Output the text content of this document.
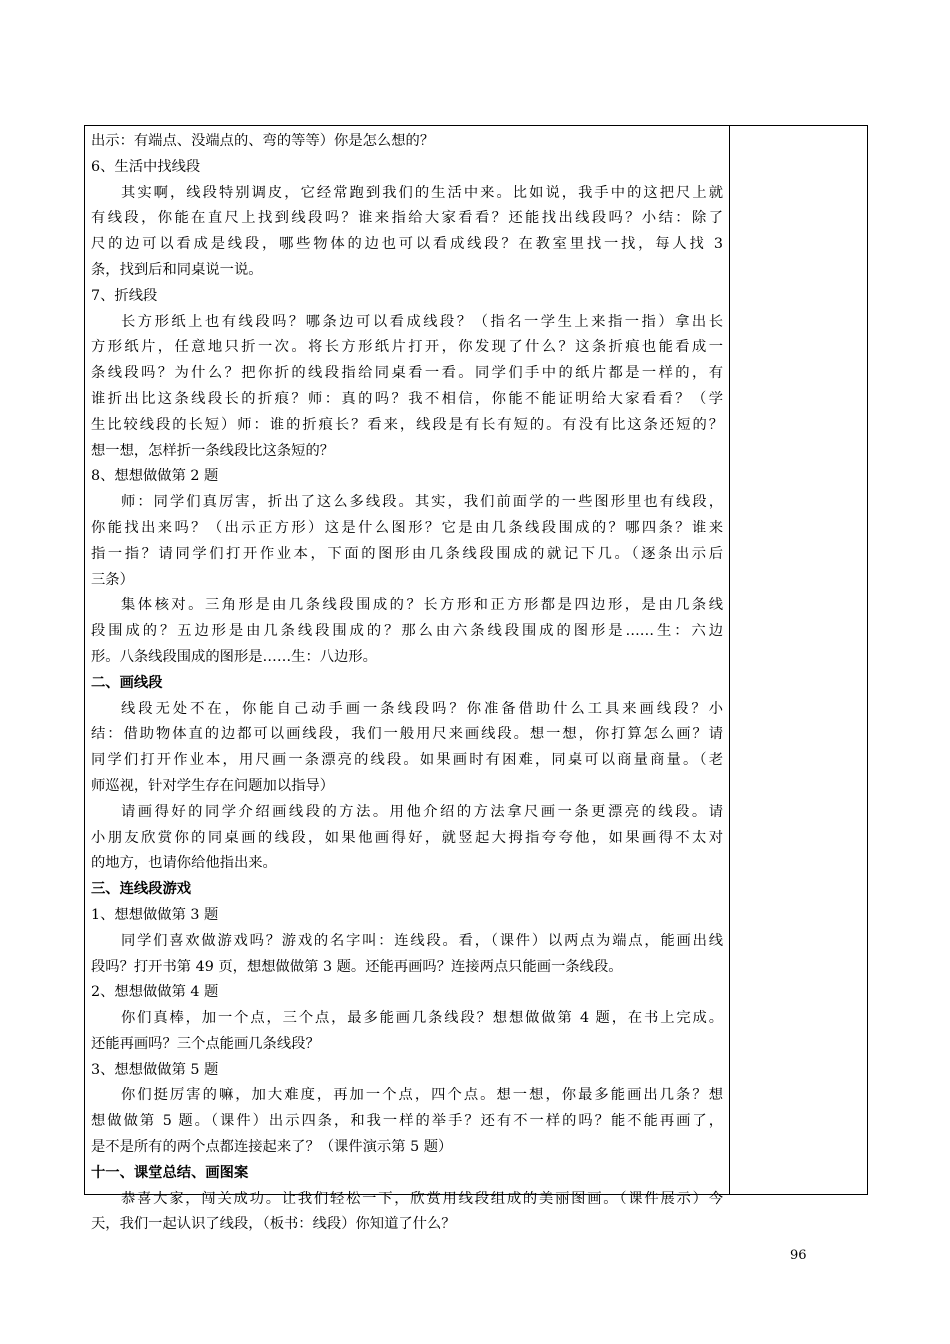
出示：有端点、没端点的、弯的等等）你是怎么想的？
6、生活中找线段
其实啊，线段特别调皮，它经常跑到我们的生活中来。比如说，我手中的这把尺上就
有线段，你能在直尺上找到线段吗？谁来指给大家看看？还能找出线段吗？小结：除了
尺的边可以看成是线段，哪些物体的边也可以看成线段？在教室里找一找，每人找 3
条，找到后和同桌说一说。
7、折线段
长方形纸上也有线段吗？哪条边可以看成线段？（指名一学生上来指一指）拿出长
方形纸片，任意地只折一次。将长方形纸片打开，你发现了什么？这条折痕也能看成一
条线段吗？为什么？把你折的线段指给同桌看一看。同学们手中的纸片都是一样的，有
谁折出比这条线段长的折痕？师：真的吗？我不相信，你能不能证明给大家看看？（学
生比较线段的长短）师：谁的折痕长？看来，线段是有长有短的。有没有比这条还短的？
想一想，怎样折一条线段比这条短的？
8、想想做做第 2 题
师：同学们真厉害，折出了这么多线段。其实，我们前面学的一些图形里也有线段，
你能找出来吗？（出示正方形）这是什么图形？它是由几条线段围成的？哪四条？谁来
指一指？请同学们打开作业本，下面的图形由几条线段围成的就记下几。（逐条出示后
三条）
集体核对。三角形是由几条线段围成的？长方形和正方形都是四边形，是由几条线
段围成的？五边形是由几条线段围成的？那么由六条线段围成的图形是……生：六边
形。八条线段围成的图形是……生：八边形。
二、画线段
线段无处不在，你能自己动手画一条线段吗？你准备借助什么工具来画线段？小
结：借助物体直的边都可以画线段，我们一般用尺来画线段。想一想，你打算怎么画？请
同学们打开作业本，用尺画一条漂亮的线段。如果画时有困难，同桌可以商量商量。（老
师巡视，针对学生存在问题加以指导）
请画得好的同学介绍画线段的方法。用他介绍的方法拿尺画一条更漂亮的线段。请
小朋友欣赏你的同桌画的线段，如果他画得好，就竖起大拇指夸夸他，如果画得不太对
的地方，也请你给他指出来。
三、连线段游戏
1、想想做做第 3 题
同学们喜欢做游戏吗？游戏的名字叫：连线段。看，（课件）以两点为端点，能画出线
段吗？打开书第 49 页，想想做做第 3 题。还能再画吗？连接两点只能画一条线段。
2、想想做做第 4 题
你们真棒，加一个点，三个点，最多能画几条线段？想想做做第 4 题，在书上完成。
还能再画吗？三个点能画几条线段？
3、想想做做第 5 题
你们挺厉害的嘛，加大难度，再加一个点，四个点。想一想，你最多能画出几条？想
想做做第 5 题。（课件）出示四条，和我一样的举手？还有不一样的吗？能不能再画了，
是不是所有的两个点都连接起来了？（课件演示第 5 题）
十一、课堂总结、画图案
恭喜大家，闯关成功。让我们轻松一下，欣赏用线段组成的美丽图画。（课件展示）今
天，我们一起认识了线段，（板书：线段）你知道了什么？
96
